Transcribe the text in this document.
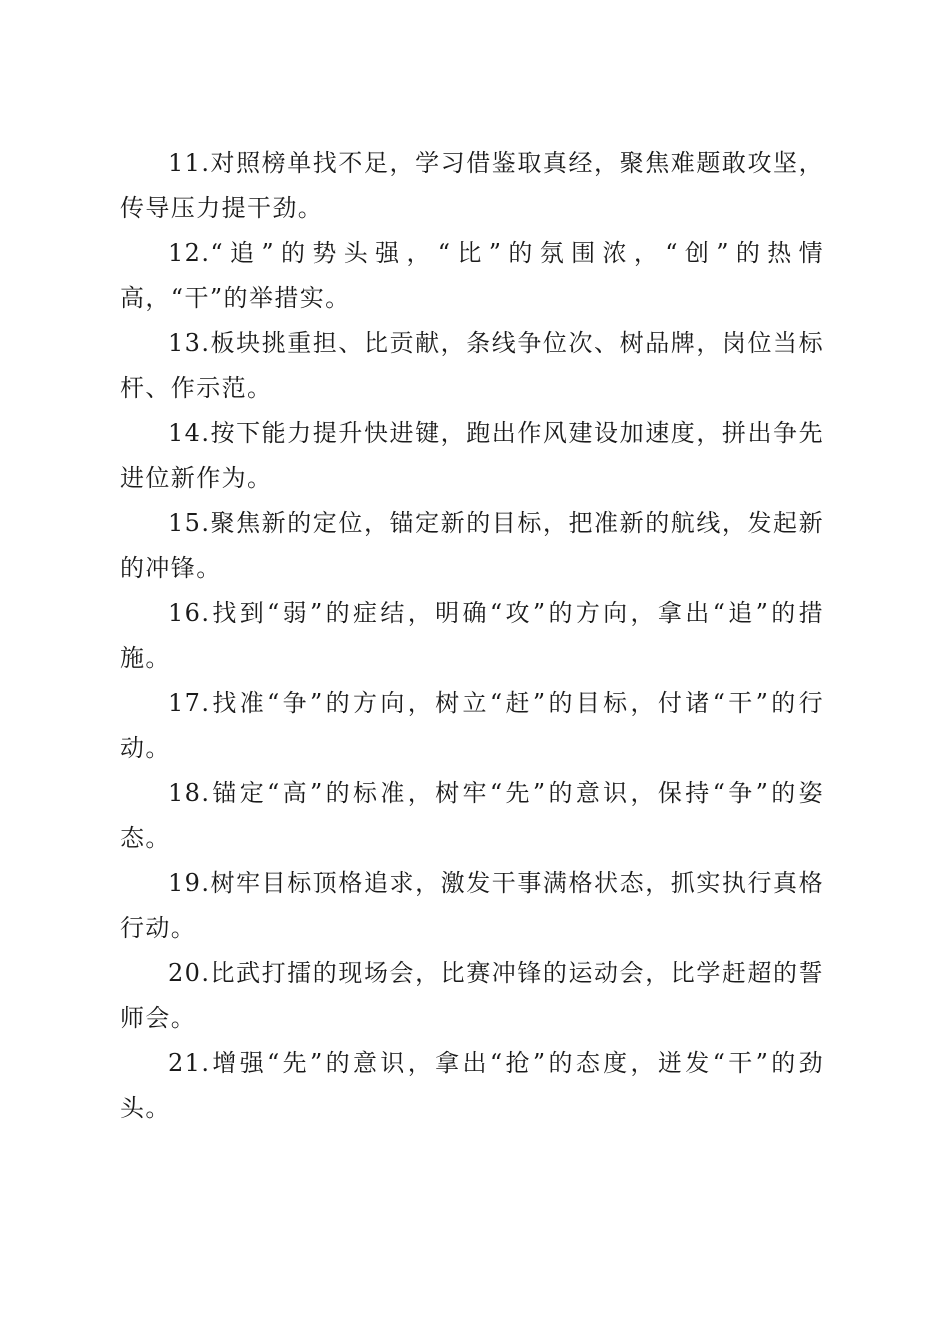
11.对照榜单找不足，学习借鉴取真经，聚焦难题敢攻坚，传导压力提干劲。

12.“追”的势头强，“比”的氛围浓，“创”的热情高，“干”的举措实。

13.板块挑重担、比贡献，条线争位次、树品牌，岗位当标杆、作示范。

14.按下能力提升快进键，跑出作风建设加速度，拼出争先进位新作为。

15.聚焦新的定位，锚定新的目标，把准新的航线，发起新的冲锋。

16.找到“弱”的症结，明确“攻”的方向，拿出“追”的措施。

17.找准“争”的方向，树立“赶”的目标，付诸“干”的行动。

18.锚定“高”的标准，树牢“先”的意识，保持“争”的姿态。

19.树牢目标顶格追求，激发干事满格状态，抓实执行真格行动。

20.比武打擂的现场会，比赛冲锋的运动会，比学赶超的誓师会。

21.增强“先”的意识，拿出“抢”的态度，迸发“干”的劲头。
